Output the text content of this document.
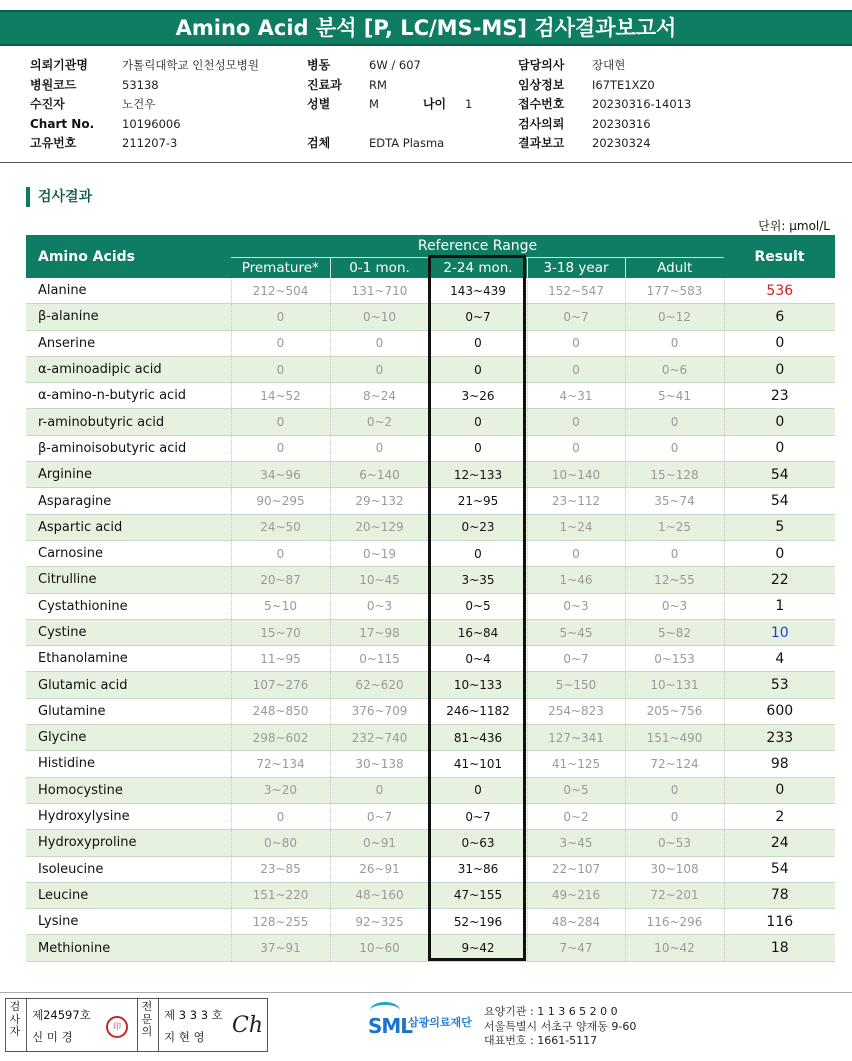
Amino Acid 분석 [P, LC/MS-MS] 검사결과보고서
의뢰기관명	가톨릭대학교 인천성모병원
병원코드	53138
수진자	노건우
Chart No. 10196006
고유번호	211207-3
병동	6W / 607
진료과 RM
성별	M	나이 1
검체	EDTA Plasma
담당의사 장대현
임상정보 I67TE1XZ0
접수번호 20230316-14013
검사의뢰 20230316
결과보고 20230324
검사결과
단위: μmol/L
Amino Acids	Reference Range					Result
	Premature*	0-1 mon.	2-24 mon.	3-18 year	Adult	
Alanine	212~504	131~710	143~439	152~547	177~583	536
β-alanine	0	0~10	0~7	0~7	0~12	6
Anserine	0	0	0	0	0	0
α-aminoadipic acid	0	0	0	0	0~6	0
α-amino-n-butyric acid	14~52	8~24	3~26	4~31	5~41	23
r-aminobutyric acid	0	0~2	0	0	0	0
β-aminoisobutyric acid	0	0	0	0	0	0
Arginine	34~96	6~140	12~133	10~140	15~128	54
Asparagine	90~295	29~132	21~95	23~112	35~74	54
Aspartic acid	24~50	20~129	0~23	1~24	1~25	5
Carnosine	0	0~19	0	0	0	0
Citrulline	20~87	10~45	3~35	1~46	12~55	22
Cystathionine	5~10	0~3	0~5	0~3	0~3	1
Cystine	15~70	17~98	16~84	5~45	5~82	10
Ethanolamine	11~95	0~115	0~4	0~7	0~153	4
Glutamic acid	107~276	62~620	10~133	5~150	10~131	53
Glutamine	248~850	376~709	246~1182	254~823	205~756	600
Glycine	298~602	232~740	81~436	127~341	151~490	233
Histidine	72~134	30~138	41~101	41~125	72~124	98
Homocystine	3~20	0	0	0~5	0	0
Hydroxylysine	0	0~7	0~7	0~2	0	2
Hydroxyproline	0~80	0~91	0~63	3~45	0~53	24
Isoleucine	23~85	26~91	31~86	22~107	30~108	54
Leucine	151~220	48~160	47~155	49~216	72~201	78
Lysine	128~255	92~325	52~196	48~284	116~296	116
Methionine	37~91	10~60	9~42	7~47	10~42	18
검
사
자
제24597호
신 미 경
印
전
문
의
제 3 3 3 호
지 현 영 Ch	SML
삼광의료재단
요양기관 : 1 1 3 6 5 2 0 0
서울특별시 서초구 양재동 9-60
대표번호 : 1661-5117
